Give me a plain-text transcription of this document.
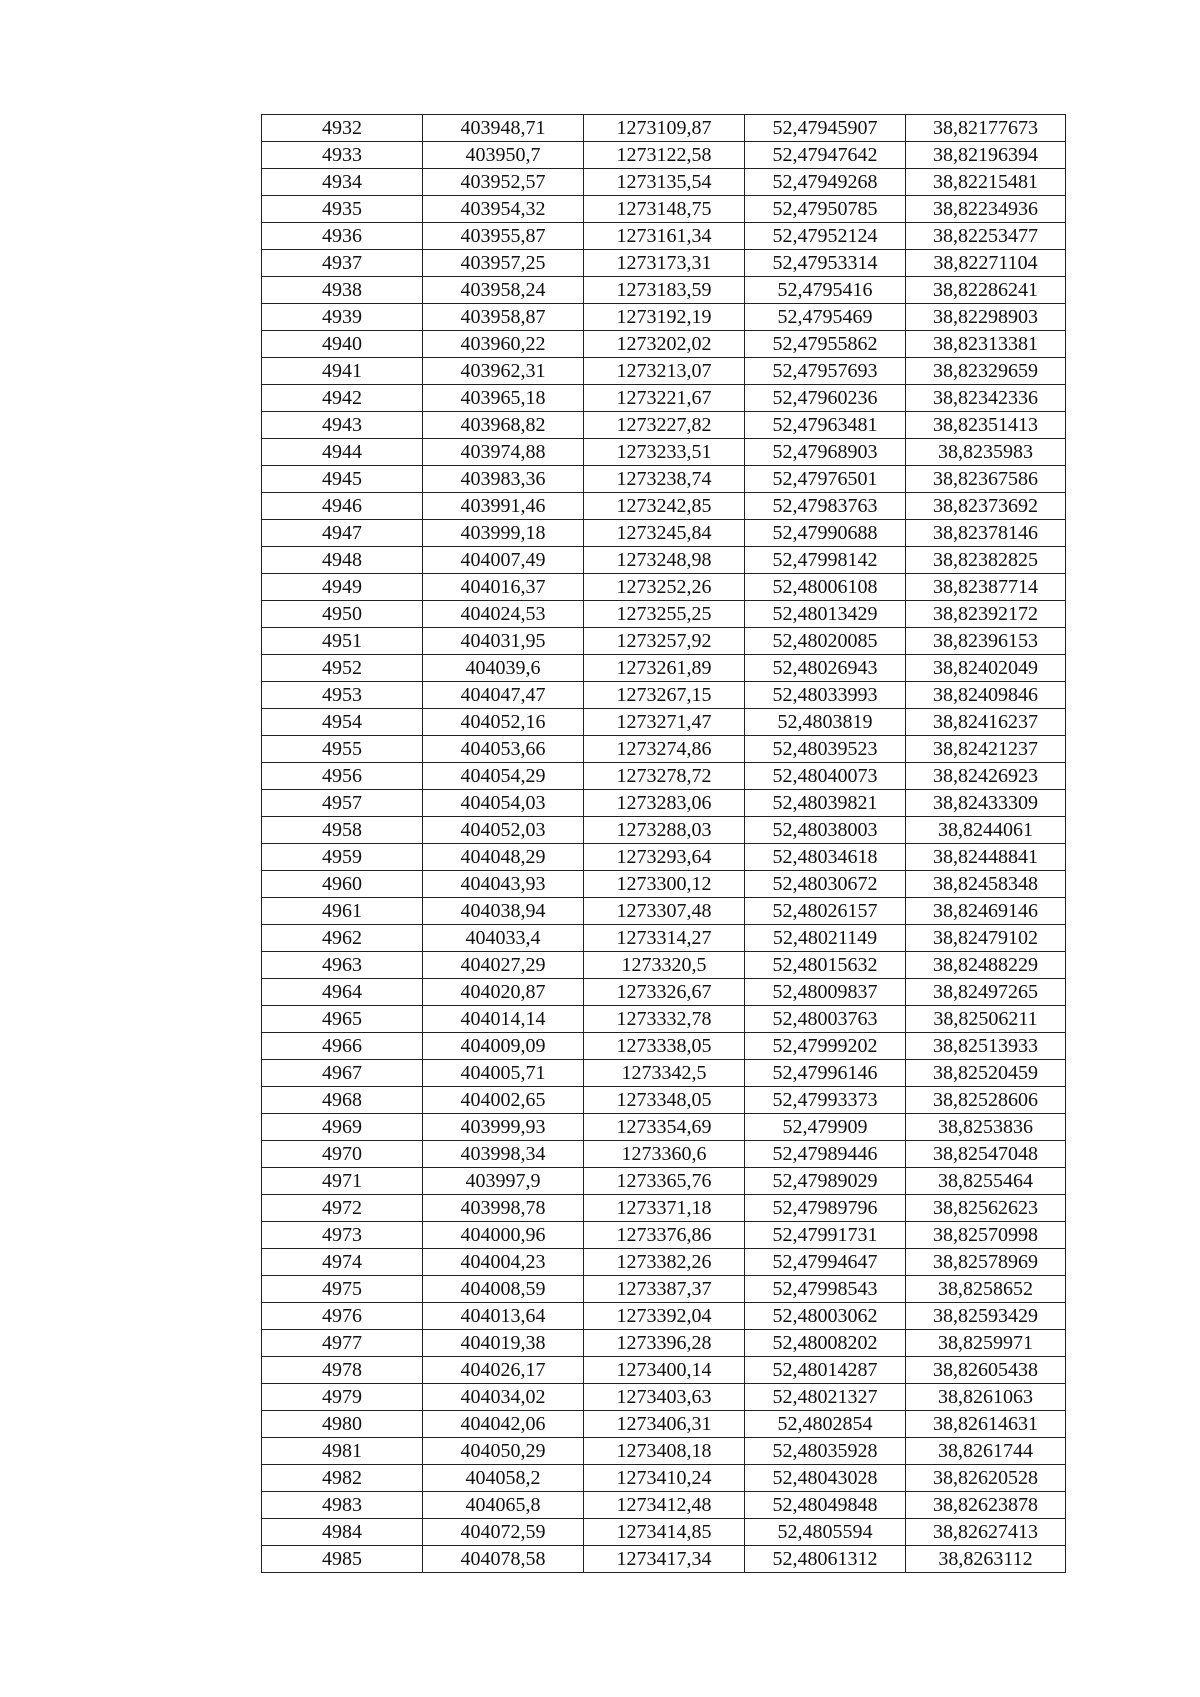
4932	403948,71	1273109,87	52,47945907	38,82177673
4933	403950,7	1273122,58	52,47947642	38,82196394
4934	403952,57	1273135,54	52,47949268	38,82215481
4935	403954,32	1273148,75	52,47950785	38,82234936
4936	403955,87	1273161,34	52,47952124	38,82253477
4937	403957,25	1273173,31	52,47953314	38,82271104
4938	403958,24	1273183,59	52,4795416	38,82286241
4939	403958,87	1273192,19	52,4795469	38,82298903
4940	403960,22	1273202,02	52,47955862	38,82313381
4941	403962,31	1273213,07	52,47957693	38,82329659
4942	403965,18	1273221,67	52,47960236	38,82342336
4943	403968,82	1273227,82	52,47963481	38,82351413
4944	403974,88	1273233,51	52,47968903	38,8235983
4945	403983,36	1273238,74	52,47976501	38,82367586
4946	403991,46	1273242,85	52,47983763	38,82373692
4947	403999,18	1273245,84	52,47990688	38,82378146
4948	404007,49	1273248,98	52,47998142	38,82382825
4949	404016,37	1273252,26	52,48006108	38,82387714
4950	404024,53	1273255,25	52,48013429	38,82392172
4951	404031,95	1273257,92	52,48020085	38,82396153
4952	404039,6	1273261,89	52,48026943	38,82402049
4953	404047,47	1273267,15	52,48033993	38,82409846
4954	404052,16	1273271,47	52,4803819	38,82416237
4955	404053,66	1273274,86	52,48039523	38,82421237
4956	404054,29	1273278,72	52,48040073	38,82426923
4957	404054,03	1273283,06	52,48039821	38,82433309
4958	404052,03	1273288,03	52,48038003	38,8244061
4959	404048,29	1273293,64	52,48034618	38,82448841
4960	404043,93	1273300,12	52,48030672	38,82458348
4961	404038,94	1273307,48	52,48026157	38,82469146
4962	404033,4	1273314,27	52,48021149	38,82479102
4963	404027,29	1273320,5	52,48015632	38,82488229
4964	404020,87	1273326,67	52,48009837	38,82497265
4965	404014,14	1273332,78	52,48003763	38,82506211
4966	404009,09	1273338,05	52,47999202	38,82513933
4967	404005,71	1273342,5	52,47996146	38,82520459
4968	404002,65	1273348,05	52,47993373	38,82528606
4969	403999,93	1273354,69	52,479909	38,8253836
4970	403998,34	1273360,6	52,47989446	38,82547048
4971	403997,9	1273365,76	52,47989029	38,8255464
4972	403998,78	1273371,18	52,47989796	38,82562623
4973	404000,96	1273376,86	52,47991731	38,82570998
4974	404004,23	1273382,26	52,47994647	38,82578969
4975	404008,59	1273387,37	52,47998543	38,8258652
4976	404013,64	1273392,04	52,48003062	38,82593429
4977	404019,38	1273396,28	52,48008202	38,8259971
4978	404026,17	1273400,14	52,48014287	38,82605438
4979	404034,02	1273403,63	52,48021327	38,8261063
4980	404042,06	1273406,31	52,4802854	38,82614631
4981	404050,29	1273408,18	52,48035928	38,8261744
4982	404058,2	1273410,24	52,48043028	38,82620528
4983	404065,8	1273412,48	52,48049848	38,82623878
4984	404072,59	1273414,85	52,4805594	38,82627413
4985	404078,58	1273417,34	52,48061312	38,8263112
